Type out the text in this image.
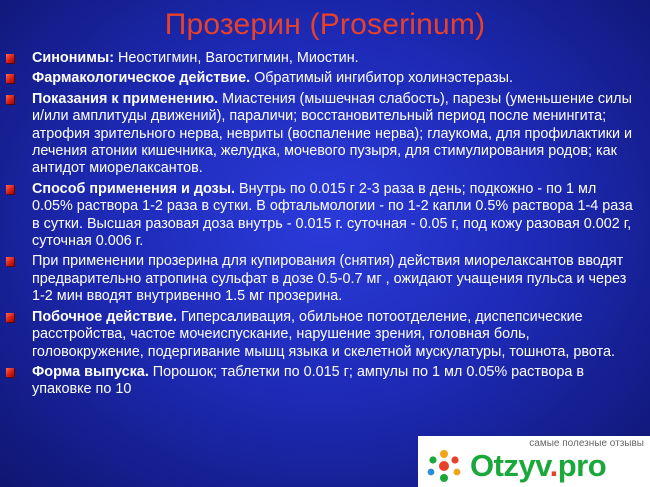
Прозерин (Proserinum)
Синонимы: Неостигмин, Вагостигмин, Миостин.
Фармакологическое действие. Обратимый ингибитор холинэстеразы.
Показания к применению. Миастения (мышечная слабость), парезы (уменьшение силы и/или амплитуды движений), параличи; восстановительный период после менингита; атрофия зрительного нерва, невриты (воспаление нерва); глаукома, для профилактики и лечения атонии кишечника, желудка, мочевого пузыря, для стимулирования родов; как антидот миорелаксантов.
Способ применения и дозы. Внутрь по 0.015 г 2-3 раза в день; подкожно - по 1 мл 0.05% раствора 1-2 раза в сутки. В офтальмологии - по 1-2 капли 0.5% раствора 1-4 раза в сутки. Высшая разовая доза внутрь - 0.015 г. суточная - 0.05 г, под кожу разовая 0.002 г, суточная 0.006 г.
При применении прозерина для купирования (снятия) действия миорелаксантов вводят предварительно атропина сульфат в дозе 0.5-0.7 мг , ожидают учащения пульса и через 1-2 мин вводят внутривенно 1.5 мг прозерина.
Побочное действие. Гиперсаливация, обильное потоотделение, диспепсические расстройства, частое мочеиспускание, нарушение зрения, головная боль, головокружение, подергивание мышц языка и скелетной мускулатуры, тошнота, рвота.
Форма выпуска. Порошок; таблетки по 0.015 г; ампулы по 1 мл 0.05% раствора в упаковке по 10
самые полезные отзывы
Otzyv.pro
